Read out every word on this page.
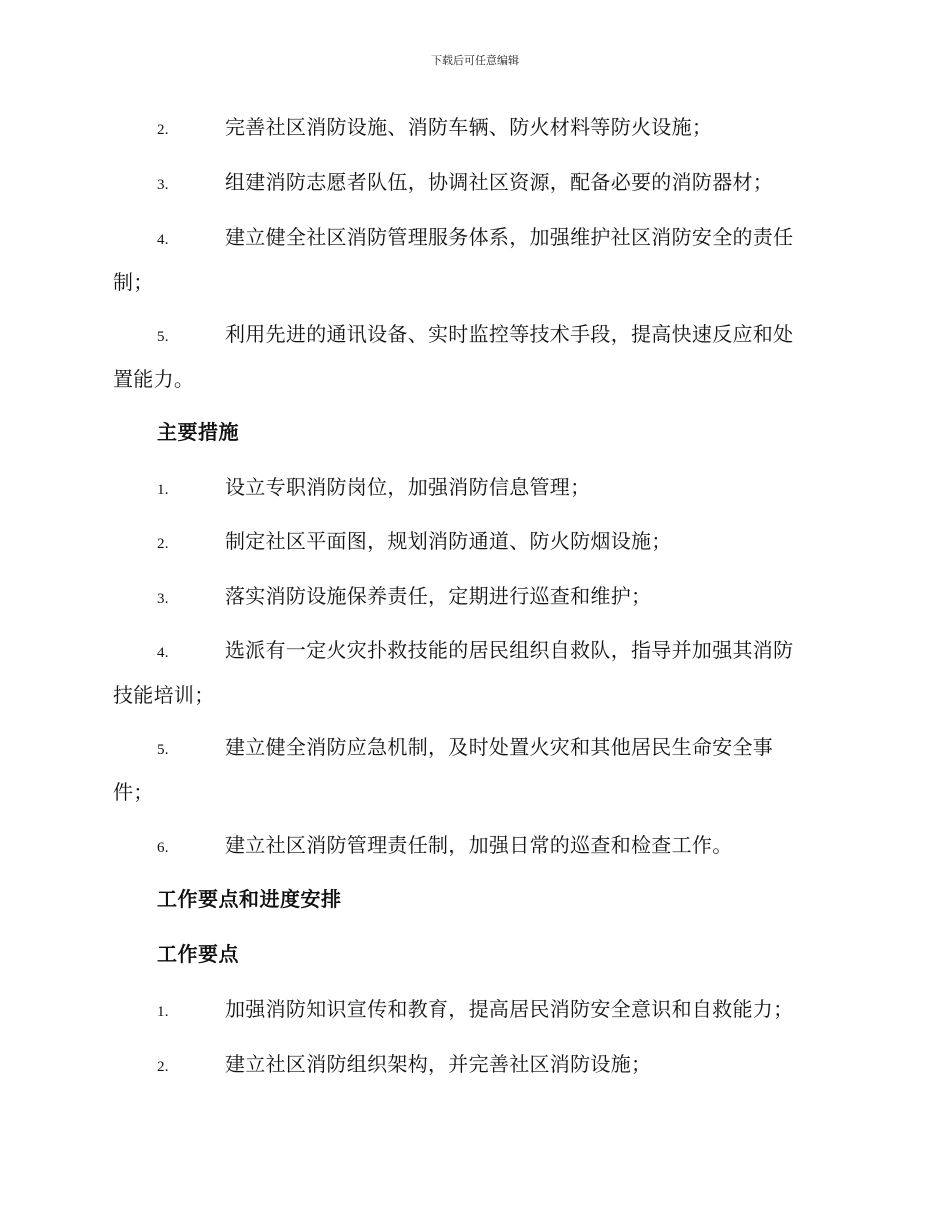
下载后可任意编辑
2.	完善社区消防设施、消防车辆、防火材料等防火设施；
3.	组建消防志愿者队伍，协调社区资源，配备必要的消防器材；
4.	建立健全社区消防管理服务体系，加强维护社区消防安全的责任
制；
5.	利用先进的通讯设备、实时监控等技术手段，提高快速反应和处
置能力。
主要措施
1.	设立专职消防岗位，加强消防信息管理；
2.	制定社区平面图，规划消防通道、防火防烟设施；
3.	落实消防设施保养责任，定期进行巡查和维护；
4.	选派有一定火灾扑救技能的居民组织自救队，指导并加强其消防
技能培训；
5.	建立健全消防应急机制，及时处置火灾和其他居民生命安全事
件；
6.	建立社区消防管理责任制，加强日常的巡查和检查工作。
工作要点和进度安排
工作要点
1.	加强消防知识宣传和教育，提高居民消防安全意识和自救能力；
2.	建立社区消防组织架构，并完善社区消防设施；
